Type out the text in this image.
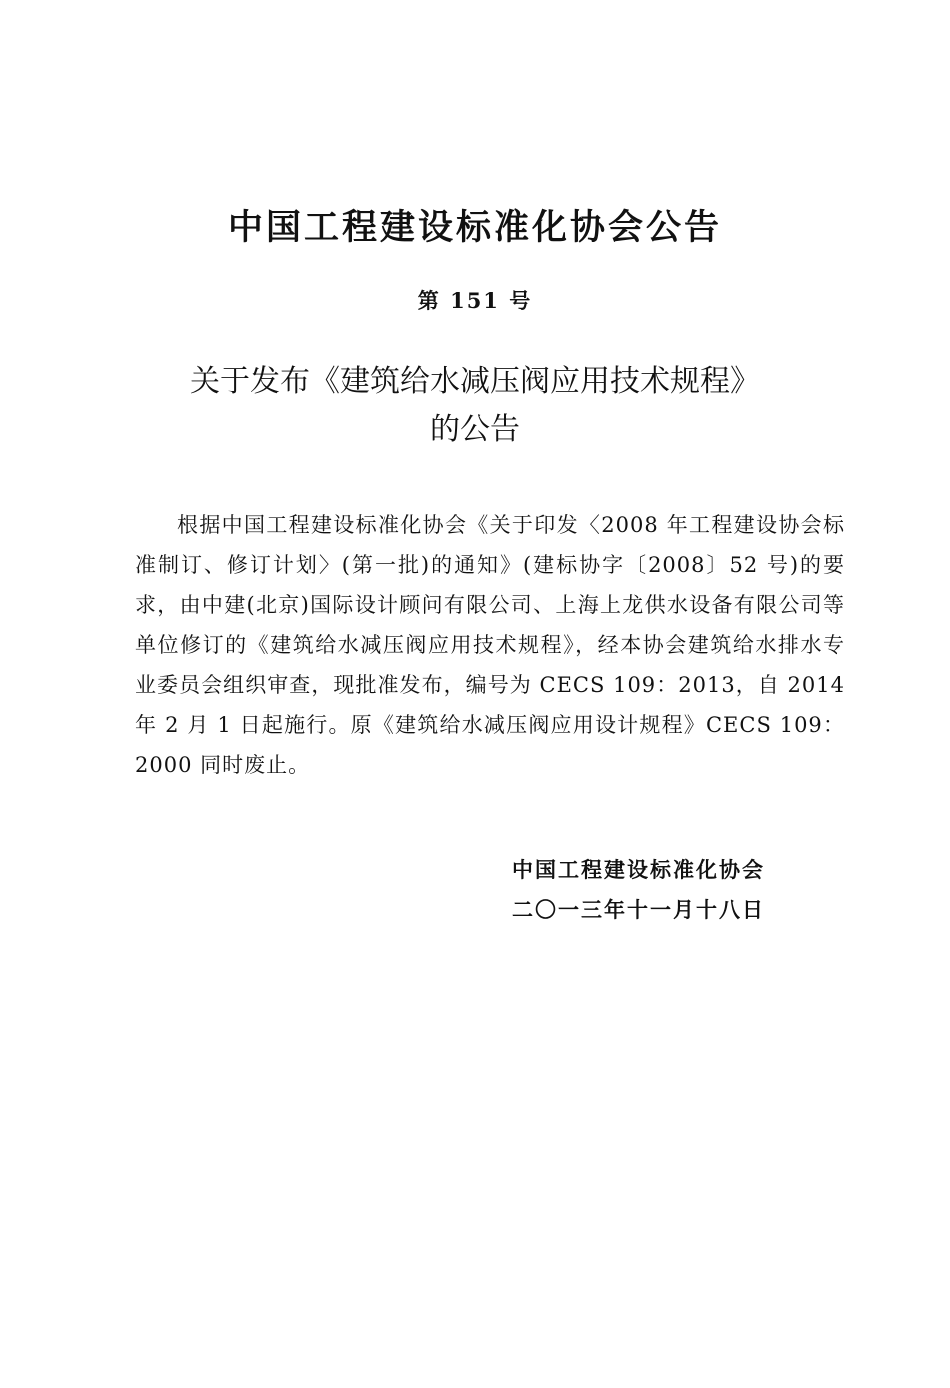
中国工程建设标准化协会公告
第 151 号
关于发布《建筑给水减压阀应用技术规程》
的公告

根据中国工程建设标准化协会《关于印发〈2008 年工程建设协会标准制订、修订计划〉(第一批)的通知》(建标协字〔2008〕52 号)的要求，由中建(北京)国际设计顾问有限公司、上海上龙供水设备有限公司等单位修订的《建筑给水减压阀应用技术规程》，经本协会建筑给水排水专业委员会组织审查，现批准发布，编号为 CECS 109：2013，自 2014 年 2 月 1 日起施行。原《建筑给水减压阀应用设计规程》CECS 109：2000 同时废止。

中国工程建设标准化协会
二〇一三年十一月十八日
